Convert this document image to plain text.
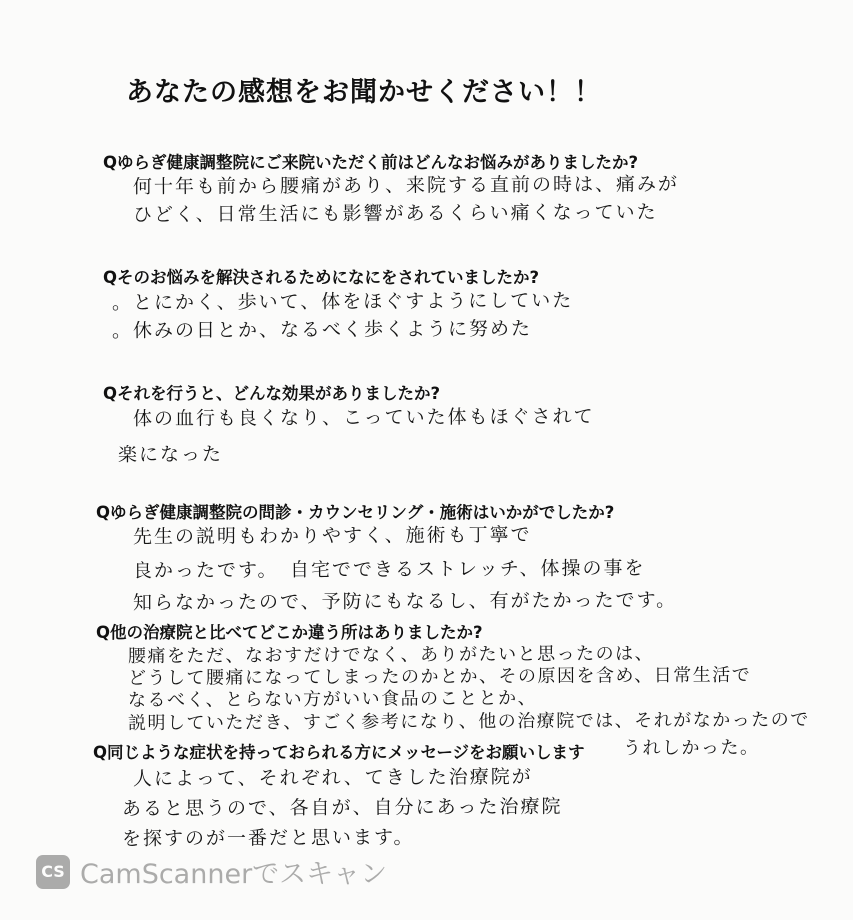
あなたの感想をお聞かせください！！
Qゆらぎ健康調整院にご来院いただく前はどんなお悩みがありましたか?
何十年も前から腰痛があり、来院する直前の時は、痛みが
ひどく、日常生活にも影響があるくらい痛くなっていた
Qそのお悩みを解決されるためになにをされていましたか?
。とにかく、歩いて、体をほぐすようにしていた
。休みの日とか、なるべく歩くように努めた
Qそれを行うと、どんな効果がありましたか?
体の血行も良くなり、こっていた体もほぐされて
楽になった
Qゆらぎ健康調整院の問診・カウンセリング・施術はいかがでしたか?
先生の説明もわかりやすく、施術も丁寧で
良かったです。　自宅でできるストレッチ、体操の事を
知らなかったので、予防にもなるし、有がたかったです。
Q他の治療院と比べてどこか違う所はありましたか?
腰痛をただ、なおすだけでなく、ありがたいと思ったのは、
どうして腰痛になってしまったのかとか、その原因を含め、日常生活で
なるべく、とらない方がいい食品のこととか、
説明していただき、すごく参考になり、他の治療院では、それがなかったので
うれしかった。
Q同じような症状を持っておられる方にメッセージをお願いします
人によって、それぞれ、てきした治療院が
あると思うので、各自が、自分にあった治療院
を探すのが一番だと思います。
CS CamScannerでスキャン
